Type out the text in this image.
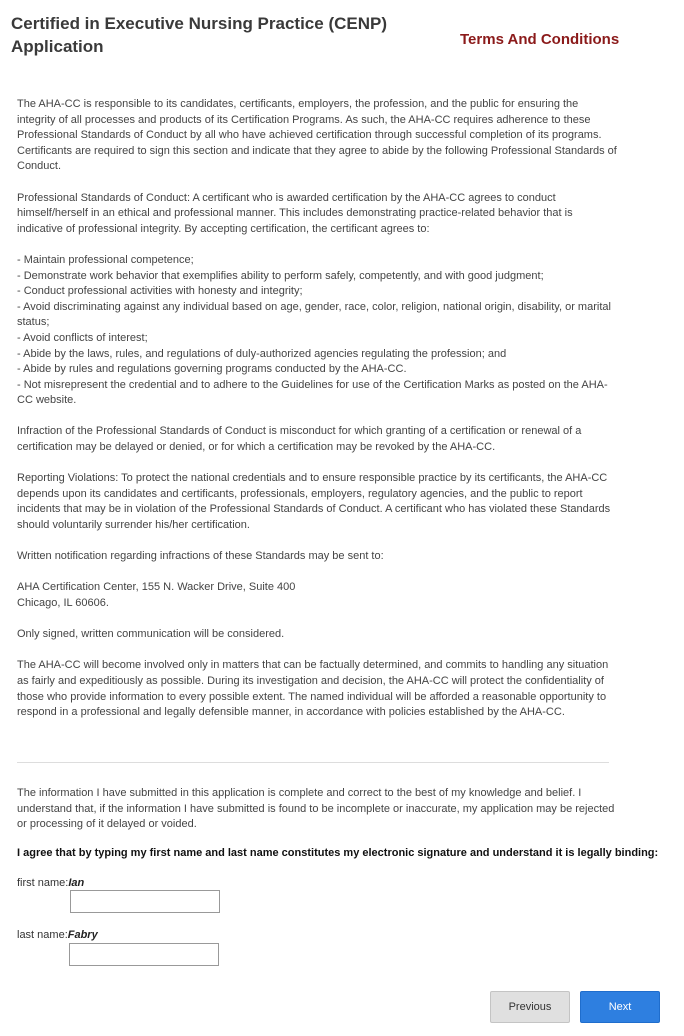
Certified in Executive Nursing Practice (CENP) Application	Terms And Conditions

The AHA-CC is responsible to its candidates, certificants, employers, the profession, and the public for ensuring the integrity of all processes and products of its Certification Programs. As such, the AHA-CC requires adherence to these Professional Standards of Conduct by all who have achieved certification through successful completion of its programs. Certificants are required to sign this section and indicate that they agree to abide by the following Professional Standards of Conduct.

Professional Standards of Conduct: A certificant who is awarded certification by the AHA-CC agrees to conduct himself/herself in an ethical and professional manner. This includes demonstrating practice-related behavior that is indicative of professional integrity. By accepting certification, the certificant agrees to:

- Maintain professional competence;
- Demonstrate work behavior that exemplifies ability to perform safely, competently, and with good judgment;
- Conduct professional activities with honesty and integrity;
- Avoid discriminating against any individual based on age, gender, race, color, religion, national origin, disability, or marital status;
- Avoid conflicts of interest;
- Abide by the laws, rules, and regulations of duly-authorized agencies regulating the profession; and
- Abide by rules and regulations governing programs conducted by the AHA-CC.
- Not misrepresent the credential and to adhere to the Guidelines for use of the Certification Marks as posted on the AHA-CC website.

Infraction of the Professional Standards of Conduct is misconduct for which granting of a certification or renewal of a certification may be delayed or denied, or for which a certification may be revoked by the AHA-CC.

Reporting Violations: To protect the national credentials and to ensure responsible practice by its certificants, the AHA-CC depends upon its candidates and certificants, professionals, employers, regulatory agencies, and the public to report incidents that may be in violation of the Professional Standards of Conduct. A certificant who has violated these Standards should voluntarily surrender his/her certification.

Written notification regarding infractions of these Standards may be sent to:

AHA Certification Center, 155 N. Wacker Drive, Suite 400
Chicago, IL 60606.

Only signed, written communication will be considered.

The AHA-CC will become involved only in matters that can be factually determined, and commits to handling any situation as fairly and expeditiously as possible. During its investigation and decision, the AHA-CC will protect the confidentiality of those who provide information to every possible extent. The named individual will be afforded a reasonable opportunity to respond in a professional and legally defensible manner, in accordance with policies established by the AHA-CC.

The information I have submitted in this application is complete and correct to the best of my knowledge and belief. I understand that, if the information I have submitted is found to be incomplete or inaccurate, my application may be rejected or processing of it delayed or voided.
I agree that by typing my first name and last name constitutes my electronic signature and understand it is legally binding:
first name:Ian
last name:Fabry
Previous	Next
